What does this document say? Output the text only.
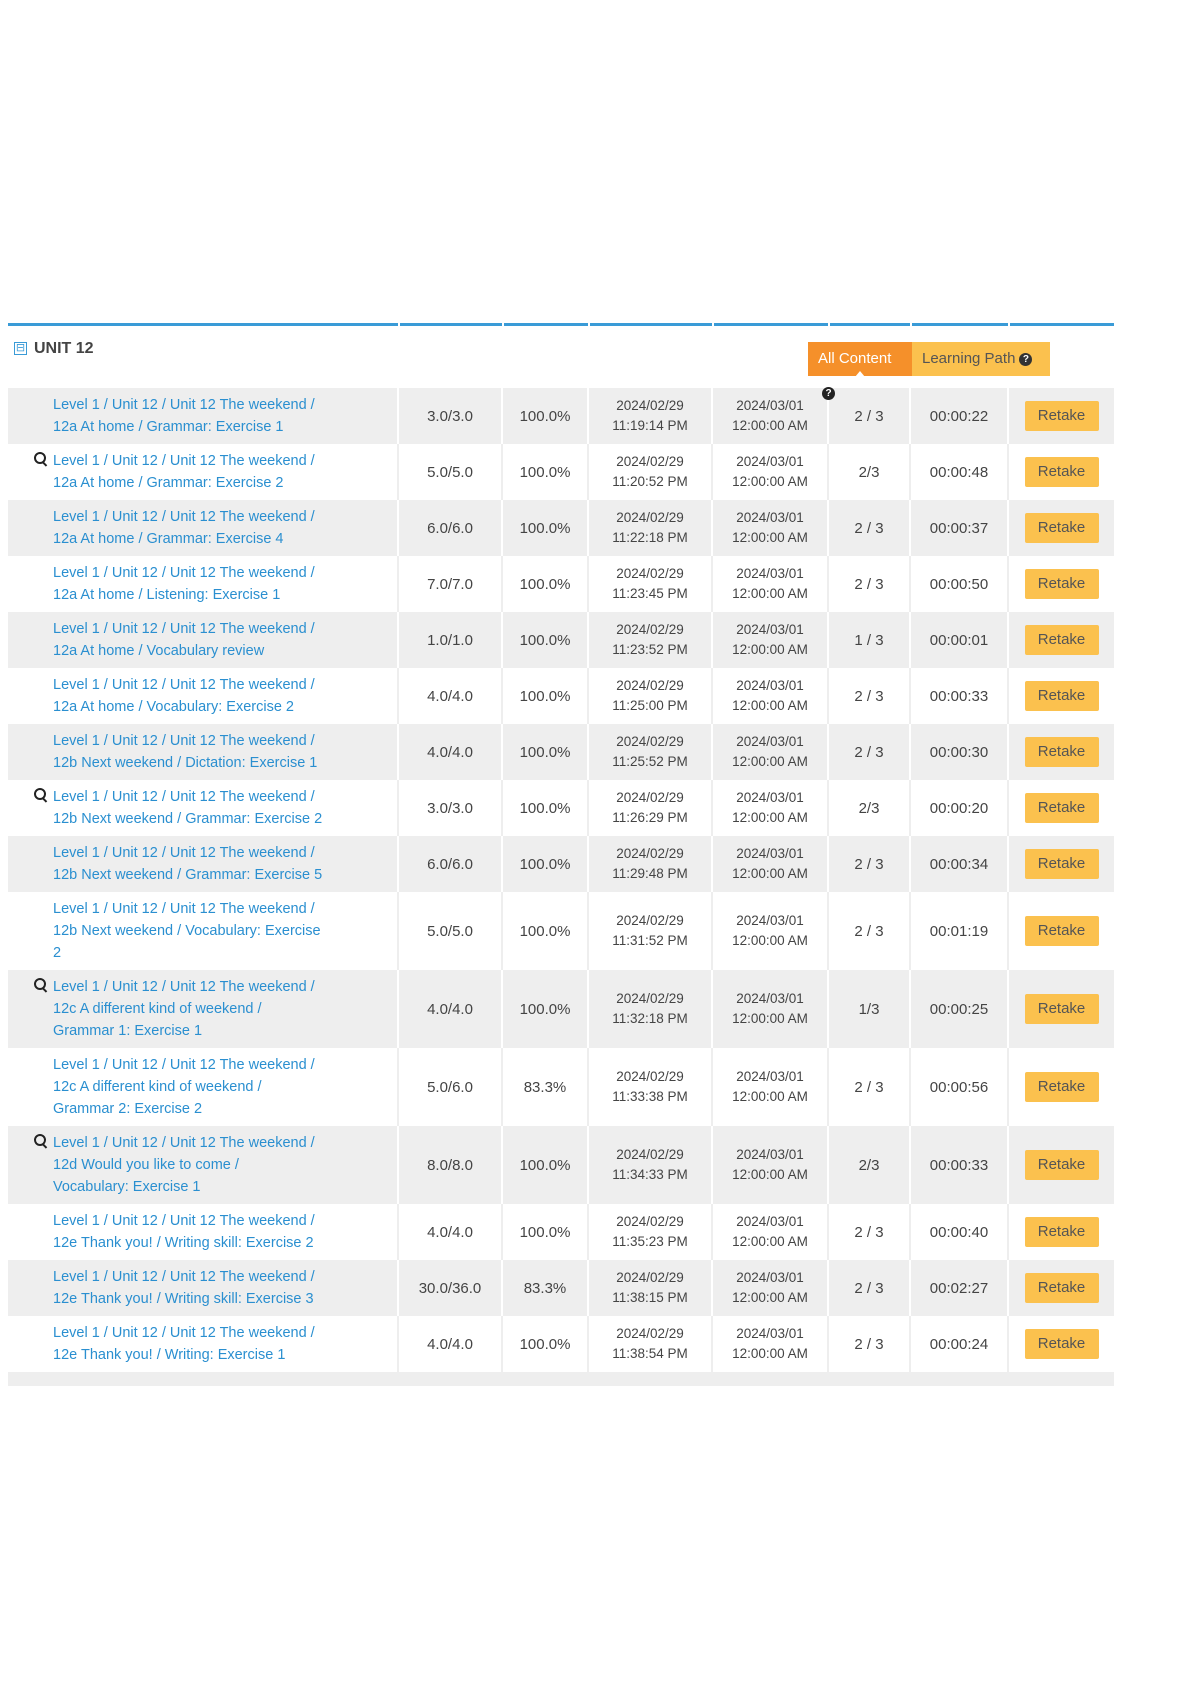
⊟ UNIT 12
All Content?
Learning Path ?
Level 1 / Unit 12 / Unit 12 The weekend /
12a At home / Grammar: Exercise 1	3.0/3.0	100.0%	2024/02/29
11:19:14 PM	2024/03/01
12:00:00 AM	2 / 3	00:00:22	Retake

Level 1 / Unit 12 / Unit 12 The weekend /
12a At home / Grammar: Exercise 2	5.0/5.0	100.0%	2024/02/29
11:20:52 PM	2024/03/01
12:00:00 AM	2/3	00:00:48	Retake

Level 1 / Unit 12 / Unit 12 The weekend /
12a At home / Grammar: Exercise 4	6.0/6.0	100.0%	2024/02/29
11:22:18 PM	2024/03/01
12:00:00 AM	2 / 3	00:00:37	Retake

Level 1 / Unit 12 / Unit 12 The weekend /
12a At home / Listening: Exercise 1	7.0/7.0	100.0%	2024/02/29
11:23:45 PM	2024/03/01
12:00:00 AM	2 / 3	00:00:50	Retake

Level 1 / Unit 12 / Unit 12 The weekend /
12a At home / Vocabulary review	1.0/1.0	100.0%	2024/02/29
11:23:52 PM	2024/03/01
12:00:00 AM	1 / 3	00:00:01	Retake

Level 1 / Unit 12 / Unit 12 The weekend /
12a At home / Vocabulary: Exercise 2	4.0/4.0	100.0%	2024/02/29
11:25:00 PM	2024/03/01
12:00:00 AM	2 / 3	00:00:33	Retake

Level 1 / Unit 12 / Unit 12 The weekend /
12b Next weekend / Dictation: Exercise 1	4.0/4.0	100.0%	2024/02/29
11:25:52 PM	2024/03/01
12:00:00 AM	2 / 3	00:00:30	Retake

Level 1 / Unit 12 / Unit 12 The weekend /
12b Next weekend / Grammar: Exercise 2	3.0/3.0	100.0%	2024/02/29
11:26:29 PM	2024/03/01
12:00:00 AM	2/3	00:00:20	Retake

Level 1 / Unit 12 / Unit 12 The weekend /
12b Next weekend / Grammar: Exercise 5	6.0/6.0	100.0%	2024/02/29
11:29:48 PM	2024/03/01
12:00:00 AM	2 / 3	00:00:34	Retake

Level 1 / Unit 12 / Unit 12 The weekend /
12b Next weekend / Vocabulary: Exercise
2	5.0/5.0	100.0%	2024/02/29
11:31:52 PM	2024/03/01
12:00:00 AM	2 / 3	00:01:19	Retake

Level 1 / Unit 12 / Unit 12 The weekend /
12c A different kind of weekend /
Grammar 1: Exercise 1	4.0/4.0	100.0%	2024/02/29
11:32:18 PM	2024/03/01
12:00:00 AM	1/3	00:00:25	Retake

Level 1 / Unit 12 / Unit 12 The weekend /
12c A different kind of weekend /
Grammar 2: Exercise 2	5.0/6.0	83.3%	2024/02/29
11:33:38 PM	2024/03/01
12:00:00 AM	2 / 3	00:00:56	Retake

Level 1 / Unit 12 / Unit 12 The weekend /
12d Would you like to come /
Vocabulary: Exercise 1	8.0/8.0	100.0%	2024/02/29
11:34:33 PM	2024/03/01
12:00:00 AM	2/3	00:00:33	Retake

Level 1 / Unit 12 / Unit 12 The weekend /
12e Thank you! / Writing skill: Exercise 2	4.0/4.0	100.0%	2024/02/29
11:35:23 PM	2024/03/01
12:00:00 AM	2 / 3	00:00:40	Retake

Level 1 / Unit 12 / Unit 12 The weekend /
12e Thank you! / Writing skill: Exercise 3	30.0/36.0	83.3%	2024/02/29
11:38:15 PM	2024/03/01
12:00:00 AM	2 / 3	00:02:27	Retake

Level 1 / Unit 12 / Unit 12 The weekend /
12e Thank you! / Writing: Exercise 1	4.0/4.0	100.0%	2024/02/29
11:38:54 PM	2024/03/01
12:00:00 AM	2 / 3	00:00:24	Retake
